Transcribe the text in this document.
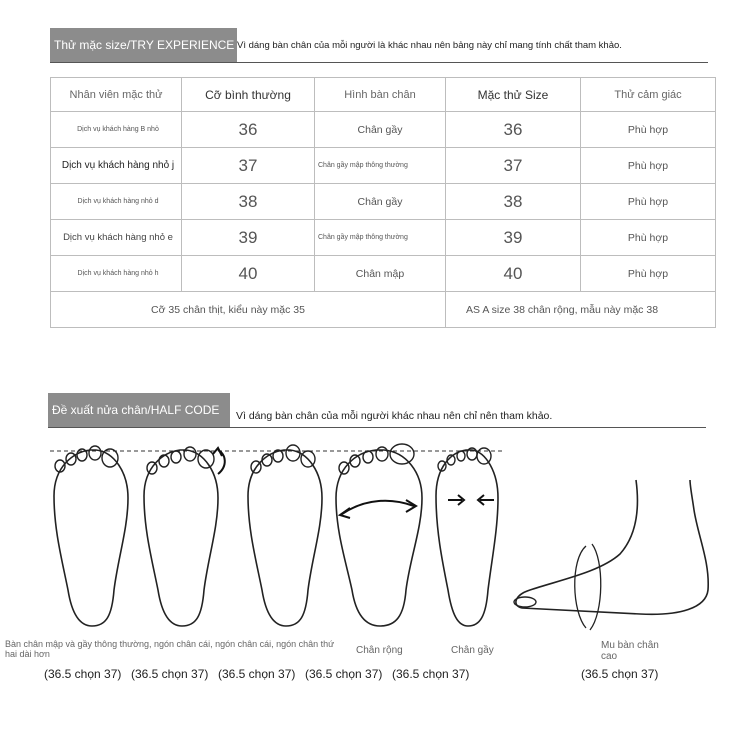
Thử mặc size/TRY EXPERIENCE Vì dáng bàn chân của mỗi người là khác nhau nên bảng này chỉ mang tính chất tham khảo.
Nhân viên mặc thử	Cỡ bình thường	Hình bàn chân	Mặc thử Size	Thử cảm giác
Dịch vụ khách hàng B nhỏ	36	Chân gầy	36	Phù hợp
Dịch vụ khách hàng nhỏ j	37	Chân gầy mập thông thường	37	Phù hợp
Dịch vụ khách hàng nhỏ d	38	Chân gầy	38	Phù hợp
Dịch vụ khách hàng nhỏ e	39	Chân gầy mập thông thường	39	Phù hợp
Dịch vụ khách hàng nhỏ h	40	Chân mập	40	Phù hợp
Cỡ 35 chân thịt, kiểu này mặc 35			AS A size 38 chân rộng, mẫu này mặc 38	
Đề xuất nửa chân/HALF CODE Vì dáng bàn chân của mỗi người khác nhau nên chỉ nên tham khảo.
Bàn chân mập và gầy thông thường, ngón chân cái, ngón chân cái, ngón chân thứ hai dài hơn	Chân rộng	Chân gầy	Mu bàn chân cao
(36.5 chọn 37) (36.5 chọn 37) (36.5 chọn 37) (36.5 chọn 37) (36.5 chọn 37)	(36.5 chọn 37)
